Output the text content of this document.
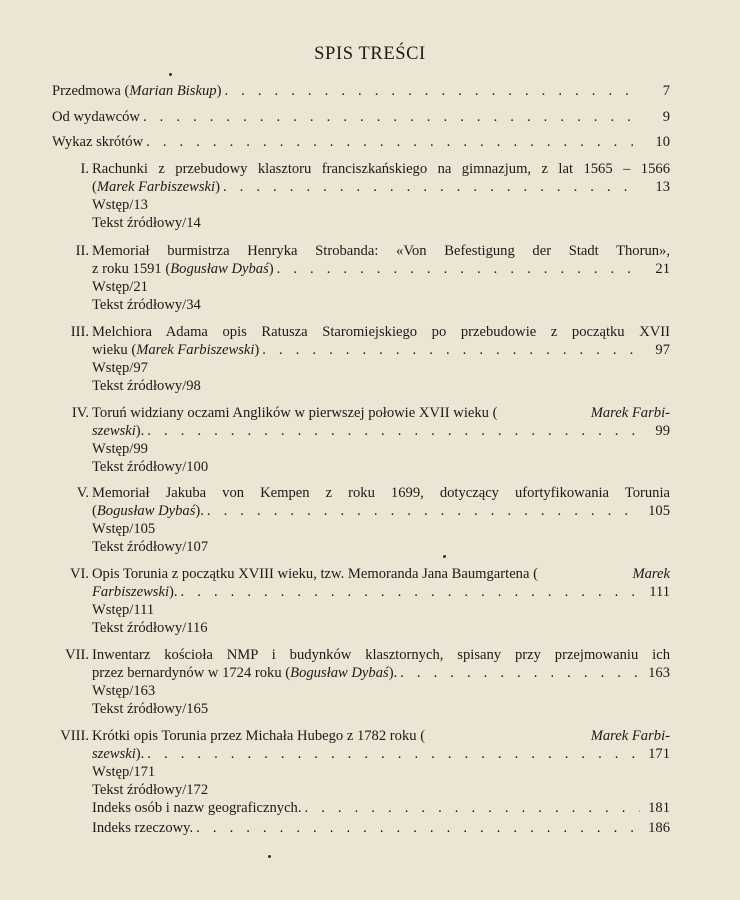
SPIS TREŚCI
Przedmowa ( Marian Biskup ) . . .	7
Od wydawców . . .	9
Wykaz skrótów . . .	10
I. Rachunki z przebudowy klasztoru franciszkańskiego na gimnazjum, z lat 1565 – 1566
( Marek Farbiszewski ) . . .	13
Wstęp/13
Tekst źródłowy/14
II. Memoriał burmistrza Henryka Strobanda: «Von Befestigung der Stadt Thorun»,
z roku 1591 ( Bogusław Dybaś ) . . .	21
Wstęp/21
Tekst źródłowy/34
III. Melchiora Adama opis Ratusza Staromiejskiego po przebudowie z początku XVII
wieku ( Marek Farbiszewski ) . . .	97
Wstęp/97
Tekst źródłowy/98
IV. Toruń widziany oczami Anglików w pierwszej połowie XVII wieku (	Marek Farbi-
szewski ). . . .	99
Wstęp/99
Tekst źródłowy/100
V. Memoriał Jakuba von Kempen z roku 1699, dotyczący ufortyfikowania Torunia
( Bogusław Dybaś ). . . .	105
Wstęp/105
Tekst źródłowy/107
VI. Opis Torunia z początku XVIII wieku, tzw. Memoranda Jana Baumgartena (	Marek
Farbiszewski ). . . .	111
Wstęp/111
Tekst źródłowy/116
VII. Inwentarz kościoła NMP i budynków klasztornych, spisany przy przejmowaniu ich
przez bernardynów w 1724 roku ( Bogusław Dybaś ). . . .	163
Wstęp/163
Tekst źródłowy/165
VIII. Krótki opis Torunia przez Michała Hubego z 1782 roku (	Marek Farbi-
szewski ). . . .	171
Wstęp/171
Tekst źródłowy/172
Indeks osób i nazw geograficznych. . . .	181
Indeks rzeczowy. . . .	186
